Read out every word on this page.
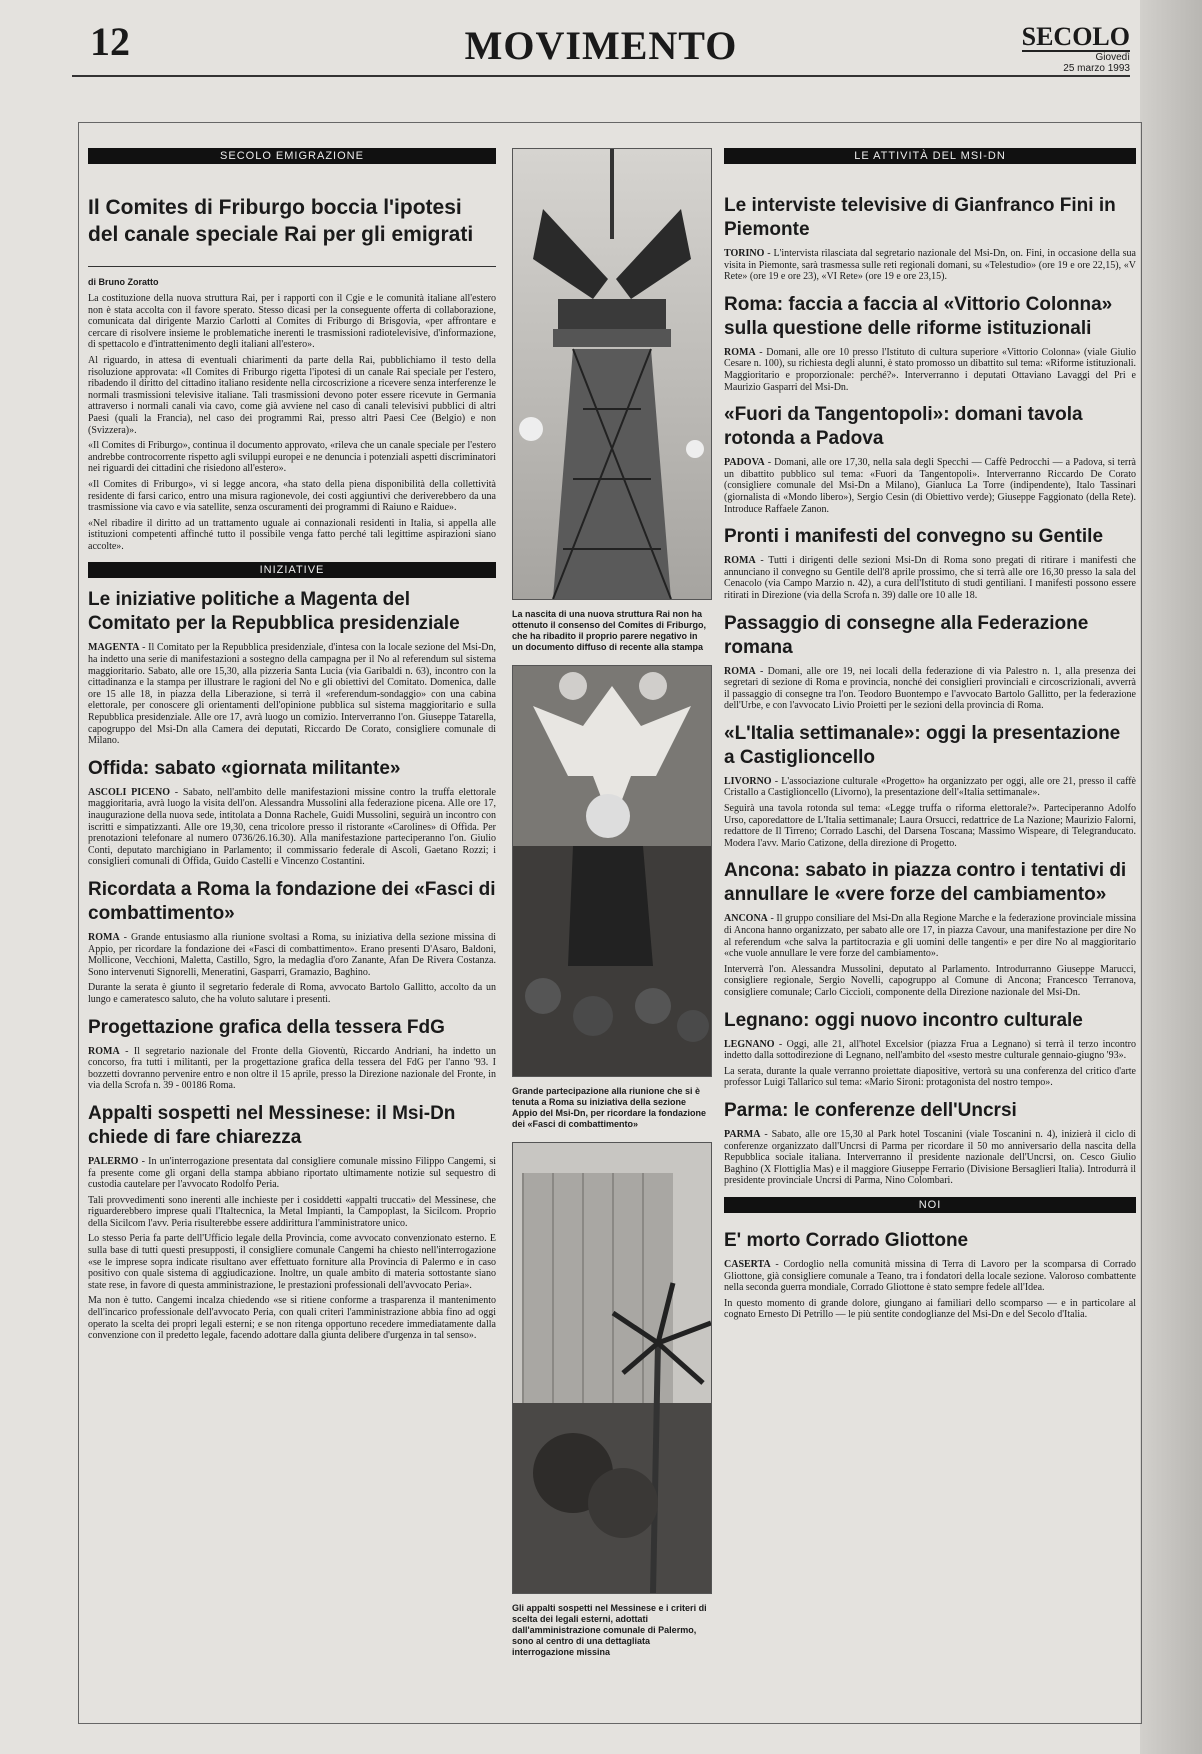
12	MOVIMENTO	SECOLO
Giovedì
25 marzo 1993
SECOLO EMIGRAZIONE
Il Comites di Friburgo boccia l'ipotesi del canale speciale Rai per gli emigrati
di Bruno Zoratto

La costituzione della nuova struttura Rai, per i rapporti con il Cgie e le comunità italiane all'estero non è stata accolta con il favore sperato. Stesso dicasi per la conseguente offerta di collaborazione, comunicata dal dirigente Marzio Carlotti al Comites di Friburgo di Brisgovia, «per affrontare e cercare di risolvere insieme le problematiche inerenti le trasmissioni radiotelevisive, d'informazione, di spettacolo e d'intrattenimento degli italiani all'estero».

Al riguardo, in attesa di eventuali chiarimenti da parte della Rai, pubblichiamo il testo della risoluzione approvata: «Il Comites di Friburgo rigetta l'ipotesi di un canale Rai speciale per l'estero, ribadendo il diritto del cittadino italiano residente nella circoscrizione a ricevere senza interferenze le normali trasmissioni televisive italiane. Tali trasmissioni devono poter essere ricevute in Germania attraverso i normali canali via cavo, come già avviene nel caso di canali televisivi pubblici di altri Paesi (quali la Francia), nel caso dei programmi Rai, presso altri Paesi Cee (Belgio) e non (Svizzera)».

«Il Comites di Friburgo», continua il documento approvato, «rileva che un canale speciale per l'estero andrebbe controcorrente rispetto agli sviluppi europei e ne denuncia i potenziali aspetti discriminatori nei riguardi dei cittadini che risiedono all'estero».

«Il Comites di Friburgo», vi si legge ancora, «ha stato della piena disponibilità della collettività residente di farsi carico, entro una misura ragionevole, dei costi aggiuntivi che deriverebbero da una trasmissione via cavo e via satellite, senza oscuramenti dei programmi di Raiuno e Raidue».

«Nel ribadire il diritto ad un trattamento uguale ai connazionali residenti in Italia, si appella alle istituzioni competenti affinché tutto il possibile venga fatto perché tali legittime aspirazioni siano accolte».

INIZIATIVE
Le iniziative politiche a Magenta del Comitato per la Repubblica presidenziale

MAGENTA - Il Comitato per la Repubblica presidenziale, d'intesa con la locale sezione del Msi-Dn, ha indetto una serie di manifestazioni a sostegno della campagna per il No al referendum sul sistema maggioritario. Sabato, alle ore 15,30, alla pizzeria Santa Lucia (via Garibaldi n. 63), incontro con la cittadinanza e la stampa per illustrare le ragioni del No e gli obiettivi del Comitato. Domenica, dalle ore 15 alle 18, in piazza della Liberazione, si terrà il «referendum-sondaggio» con una cabina elettorale, per conoscere gli orientamenti dell'opinione pubblica sul sistema maggioritario e sulla Repubblica presidenziale. Alle ore 17, avrà luogo un comizio. Interverranno l'on. Giuseppe Tatarella, capogruppo del Msi-Dn alla Camera dei deputati, Riccardo De Corato, consigliere comunale di Milano.

Offida: sabato «giornata militante»

ASCOLI PICENO - Sabato, nell'ambito delle manifestazioni missine contro la truffa elettorale maggioritaria, avrà luogo la visita dell'on. Alessandra Mussolini alla federazione picena. Alle ore 17, inaugurazione della nuova sede, intitolata a Donna Rachele, Guidi Mussolini, seguirà un incontro con iscritti e simpatizzanti. Alle ore 19,30, cena tricolore presso il ristorante «Carolines» di Offida. Per prenotazioni telefonare al numero 0736/26.16.30). Alla manifestazione parteciperanno l'on. Giulio Conti, deputato marchigiano in Parlamento; il commissario federale di Ascoli, Gaetano Rozzi; i consiglieri comunali di Offida, Guido Castelli e Vincenzo Costantini.

Ricordata a Roma la fondazione dei «Fasci di combattimento»

ROMA - Grande entusiasmo alla riunione svoltasi a Roma, su iniziativa della sezione missina di Appio, per ricordare la fondazione dei «Fasci di combattimento». Erano presenti D'Asaro, Baldoni, Mollicone, Vecchioni, Maletta, Castillo, Sgro, la medaglia d'oro Zanante, Afan De Rivera Costanza. Sono intervenuti Signorelli, Meneratini, Gasparri, Gramazio, Baghino.

Durante la serata è giunto il segretario federale di Roma, avvocato Bartolo Gallitto, accolto da un lungo e cameratesco saluto, che ha voluto salutare i presenti.

Progettazione grafica della tessera FdG

ROMA - Il segretario nazionale del Fronte della Gioventù, Riccardo Andriani, ha indetto un concorso, fra tutti i militanti, per la progettazione grafica della tessera del FdG per l'anno '93. I bozzetti dovranno pervenire entro e non oltre il 15 aprile, presso la Direzione nazionale del Fronte, in via della Scrofa n. 39 - 00186 Roma.

Appalti sospetti nel Messinese: il Msi-Dn chiede di fare chiarezza

PALERMO - In un'interrogazione presentata dal consigliere comunale missino Filippo Cangemi, si fa presente come gli organi della stampa abbiano riportato ultimamente notizie sul sequestro di custodia cautelare per l'avvocato Rodolfo Peria.

Tali provvedimenti sono inerenti alle inchieste per i cosiddetti «appalti truccati» del Messinese, che riguarderebbero imprese quali l'Italtecnica, la Metal Impianti, la Campoplast, la Sicilcom. Proprio della Sicilcom l'avv. Peria risulterebbe essere addirittura l'amministratore unico.

Lo stesso Peria fa parte dell'Ufficio legale della Provincia, come avvocato convenzionato esterno. E sulla base di tutti questi presupposti, il consigliere comunale Cangemi ha chiesto nell'interrogazione «se le imprese sopra indicate risultano aver effettuato forniture alla Provincia di Palermo e in caso positivo con quale sistema di aggiudicazione. Inoltre, un quale ambito di materia sottostante siano state rese, in favore di questa amministrazione, le prestazioni professionali dell'avvocato Peria».

Ma non è tutto. Cangemi incalza chiedendo «se si ritiene conforme a trasparenza il mantenimento dell'incarico professionale dell'avvocato Peria, con quali criteri l'amministrazione abbia fino ad oggi operato la scelta dei propri legali esterni; e se non ritenga opportuno recedere immediatamente dalla convenzione con il predetto legale, facendo adottare dalla giunta delibere d'urgenza in tal senso».

La nascita di una nuova struttura Rai non ha ottenuto il consenso del Comites di Friburgo, che ha ribadito il proprio parere negativo in un documento diffuso di recente alla stampa
Grande partecipazione alla riunione che si è tenuta a Roma su iniziativa della sezione Appio del Msi-Dn, per ricordare la fondazione dei «Fasci di combattimento»
Gli appalti sospetti nel Messinese e i criteri di scelta dei legali esterni, adottati dall'amministrazione comunale di Palermo, sono al centro di una dettagliata interrogazione missina
LE ATTIVITÀ DEL MSI-DN
Le interviste televisive di Gianfranco Fini in Piemonte

TORINO - L'intervista rilasciata dal segretario nazionale del Msi-Dn, on. Fini, in occasione della sua visita in Piemonte, sarà trasmessa sulle reti regionali domani, su «Telestudio» (ore 19 e ore 22,15), «V Rete» (ore 19 e ore 23), «VI Rete» (ore 19 e ore 23,15).

Roma: faccia a faccia al «Vittorio Colonna» sulla questione delle riforme istituzionali

ROMA - Domani, alle ore 10 presso l'Istituto di cultura superiore «Vittorio Colonna» (viale Giulio Cesare n. 100), su richiesta degli alunni, è stato promosso un dibattito sul tema: «Riforme istituzionali. Maggioritario e proporzionale: perché?». Interverranno i deputati Ottaviano Lavaggi del Pri e Maurizio Gasparri del Msi-Dn.

«Fuori da Tangentopoli»: domani tavola rotonda a Padova

PADOVA - Domani, alle ore 17,30, nella sala degli Specchi — Caffè Pedrocchi — a Padova, si terrà un dibattito pubblico sul tema: «Fuori da Tangentopoli». Interverranno Riccardo De Corato (consigliere comunale del Msi-Dn a Milano), Gianluca La Torre (indipendente), Italo Tassinari (giornalista di «Mondo libero»), Sergio Cesin (di Obiettivo verde); Giuseppe Faggionato (della Rete). Introduce Raffaele Zanon.

Pronti i manifesti del convegno su Gentile

ROMA - Tutti i dirigenti delle sezioni Msi-Dn di Roma sono pregati di ritirare i manifesti che annunciano il convegno su Gentile dell'8 aprile prossimo, che si terrà alle ore 16,30 presso la sala del Cenacolo (via Campo Marzio n. 42), a cura dell'Istituto di studi gentiliani. I manifesti possono essere ritirati in Direzione (via della Scrofa n. 39) dalle ore 10 alle 18.

Passaggio di consegne alla Federazione romana

ROMA - Domani, alle ore 19, nei locali della federazione di via Palestro n. 1, alla presenza dei segretari di sezione di Roma e provincia, nonché dei consiglieri provinciali e circoscrizionali, avverrà il passaggio di consegne tra l'on. Teodoro Buontempo e l'avvocato Bartolo Gallitto, per la federazione dell'Urbe, e con l'avvocato Livio Proietti per le sezioni della provincia di Roma.

«L'Italia settimanale»: oggi la presentazione a Castiglioncello

LIVORNO - L'associazione culturale «Progetto» ha organizzato per oggi, alle ore 21, presso il caffè Cristallo a Castiglioncello (Livorno), la presentazione dell'«Italia settimanale».

Seguirà una tavola rotonda sul tema: «Legge truffa o riforma elettorale?». Parteciperanno Adolfo Urso, caporedattore de L'Italia settimanale; Laura Orsucci, redattrice de La Nazione; Maurizio Falorni, redattore de Il Tirreno; Corrado Laschi, del Darsena Toscana; Massimo Wispeare, di Telegranducato. Modera l'avv. Mario Catizone, della direzione di Progetto.

Ancona: sabato in piazza contro i tentativi di annullare le «vere forze del cambiamento»

ANCONA - Il gruppo consiliare del Msi-Dn alla Regione Marche e la federazione provinciale missina di Ancona hanno organizzato, per sabato alle ore 17, in piazza Cavour, una manifestazione per dire No al referendum «che salva la partitocrazia e gli uomini delle tangenti» e per dire No al maggioritario «che vuole annullare le vere forze del cambiamento».

Interverrà l'on. Alessandra Mussolini, deputato al Parlamento. Introdurranno Giuseppe Marucci, consigliere regionale, Sergio Novelli, capogruppo al Comune di Ancona; Francesco Terranova, consigliere comunale; Carlo Ciccioli, componente della Direzione nazionale del Msi-Dn.

Legnano: oggi nuovo incontro culturale

LEGNANO - Oggi, alle 21, all'hotel Excelsior (piazza Frua a Legnano) si terrà il terzo incontro indetto dalla sottodirezione di Legnano, nell'ambito del «sesto mestre culturale gennaio-giugno '93».

La serata, durante la quale verranno proiettate diapositive, vertorà su una conferenza del critico d'arte professor Luigi Tallarico sul tema: «Mario Sironi: protagonista del nostro tempo».

Parma: le conferenze dell'Uncrsi

PARMA - Sabato, alle ore 15,30 al Park hotel Toscanini (viale Toscanini n. 4), inizierà il ciclo di conferenze organizzato dall'Uncrsi di Parma per ricordare il 50 mo anniversario della nascita della Repubblica sociale italiana. Interverranno il presidente nazionale dell'Uncrsi, on. Cesco Giulio Baghino (X Flottiglia Mas) e il maggiore Giuseppe Ferrario (Divisione Bersaglieri Italia). Introdurrà il presidente provinciale Uncrsi di Parma, Nino Colombari.

NOI
E' morto Corrado Gliottone

CASERTA - Cordoglio nella comunità missina di Terra di Lavoro per la scomparsa di Corrado Gliottone, già consigliere comunale a Teano, tra i fondatori della locale sezione. Valoroso combattente nella seconda guerra mondiale, Corrado Gliottone è stato sempre fedele all'Idea.

In questo momento di grande dolore, giungano ai familiari dello scomparso — e in particolare al cognato Ernesto Di Petrillo — le più sentite condoglianze del Msi-Dn e del Secolo d'Italia.
